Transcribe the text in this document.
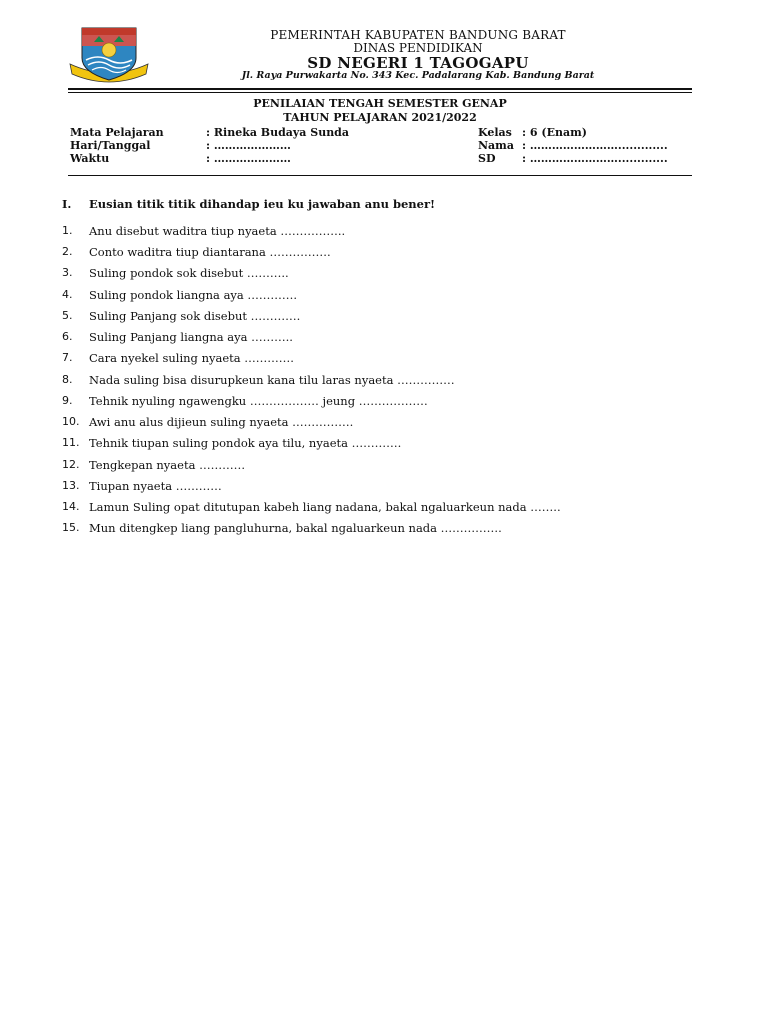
PEMERINTAH KABUPATEN BANDUNG BARAT
DINAS PENDIDIKAN
SD NEGERI 1 TAGOGAPU
Jl. Raya Purwakarta No. 343 Kec. Padalarang Kab. Bandung Barat
PENILAIAN TENGAH SEMESTER GENAP
TAHUN PELAJARAN 2021/2022
Mata Pelajaran	: Rineka Budaya Sunda
Hari/Tanggal	: …………………
Waktu	: …………………
Kelas : 6 (Enam)
Nama : …………………….............
SD : …………………….............
I. Eusian titik titik dihandap ieu ku jawaban anu bener!
1. Anu disebut waditra tiup nyaeta ……………..
2. Conto waditra tiup diantarana …………….
3. Suling pondok sok disebut ………..
4. Suling pondok liangna aya ………….
5. Suling Panjang sok disebut ………….
6. Suling Panjang liangna aya ………..
7. Cara nyekel suling nyaeta ………….
8. Nada suling bisa disurupkeun kana tilu laras nyaeta ……………
9. Tehnik nyuling ngawengku ……………… jeung ………………
10. Awi anu alus dijieun suling nyaeta …………….
11. Tehnik tiupan suling pondok aya tilu, nyaeta ………….
12. Tengkepan nyaeta …………
13. Tiupan nyaeta …………
14. Lamun Suling opat ditutupan kabeh liang nadana, bakal ngaluarkeun nada ……..
15. Mun ditengkep liang pangluhurna, bakal ngaluarkeun nada …………….
